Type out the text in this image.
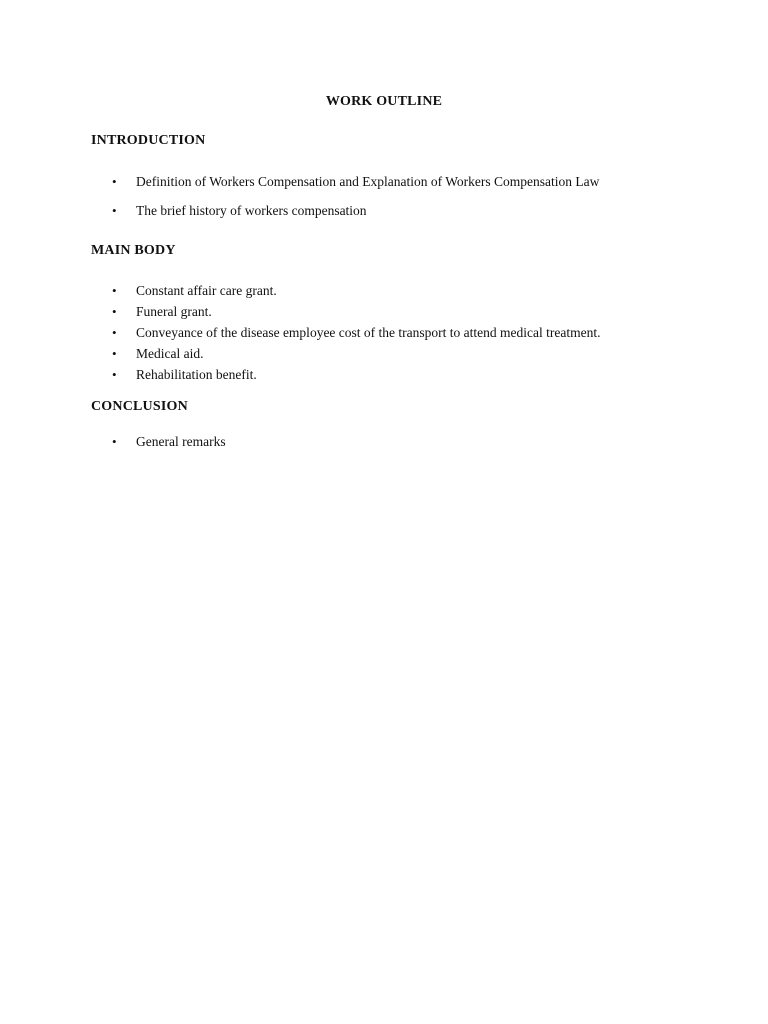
WORK OUTLINE
INTRODUCTION
• Definition of Workers Compensation and Explanation of Workers Compensation Law
• The brief history of workers compensation
MAIN BODY
• Constant affair care grant.
• Funeral grant.
• Conveyance of the disease employee cost of the transport to attend medical treatment.
• Medical aid.
• Rehabilitation benefit.
CONCLUSION
• General remarks
